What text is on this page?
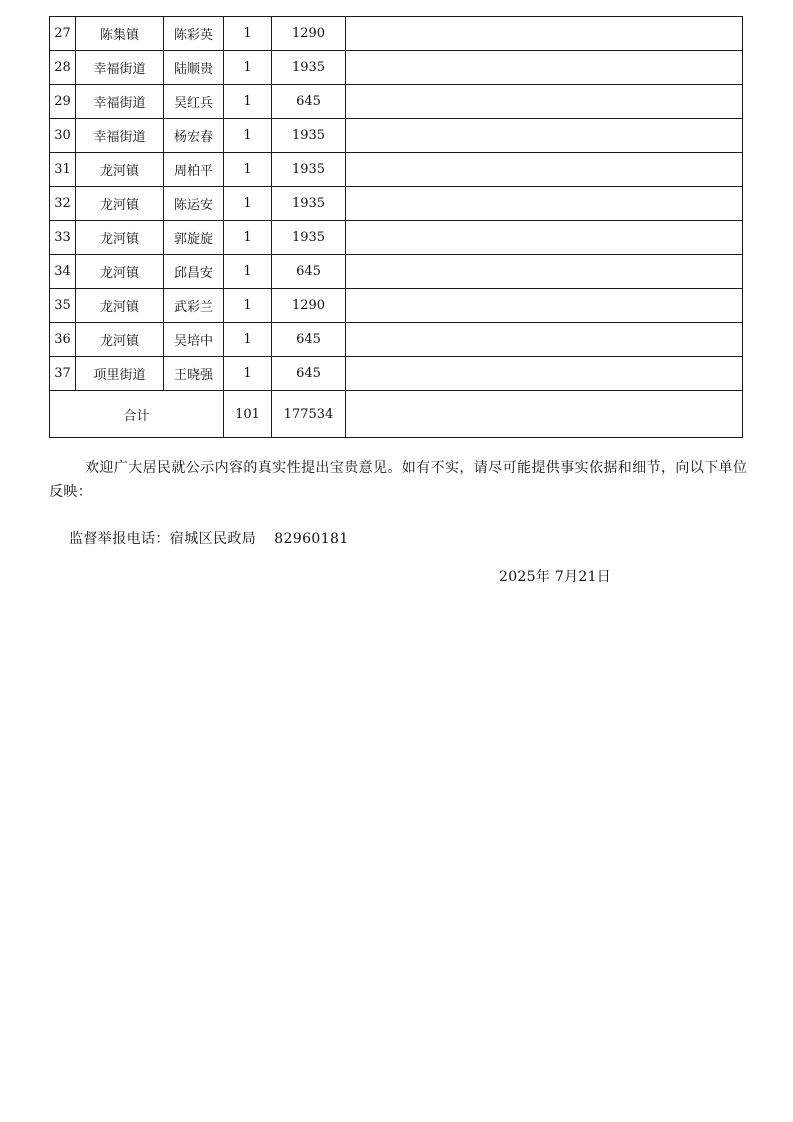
27	陈集镇	陈彩英	1	1290	
28	幸福街道	陆顺贵	1	1935	
29	幸福街道	吴红兵	1	645	
30	幸福街道	杨宏春	1	1935	
31	龙河镇	周柏平	1	1935	
32	龙河镇	陈运安	1	1935	
33	龙河镇	郭旋旋	1	1935	
34	龙河镇	邱昌安	1	645	
35	龙河镇	武彩兰	1	1290	
36	龙河镇	吴培中	1	645	
37	项里街道	王晓强	1	645	
合计			101	177534	
欢迎广大居民就公示内容的真实性提出宝贵意见。如有不实，请尽可能提供事实依据和细节，向以下单位反映：
监督举报电话：宿城区民政局 82960181
2025年 7月21日
